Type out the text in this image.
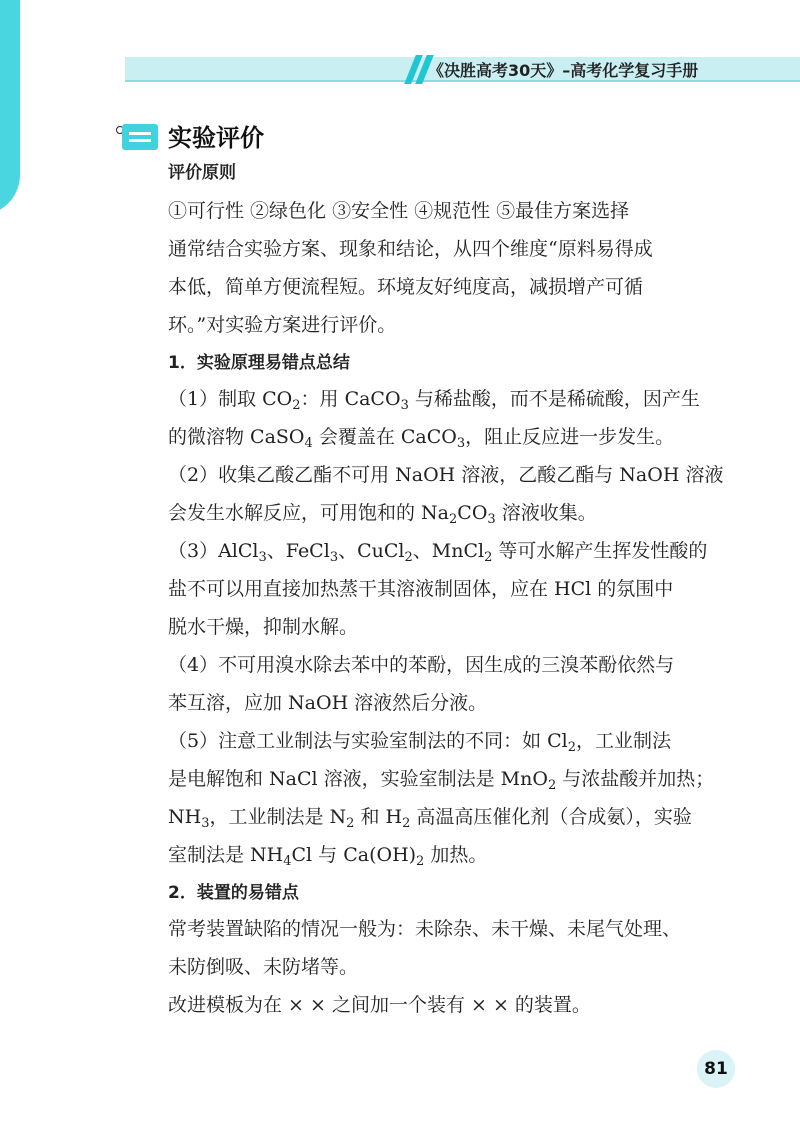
《决胜高考30天》–高考化学复习手册
实验评价
评价原则
①可行性 ②绿色化 ③安全性 ④规范性 ⑤最佳方案选择
通常结合实验方案、现象和结论，从四个维度“原料易得成
本低，简单方便流程短。环境友好纯度高，减损增产可循
环。”对实验方案进行评价。
1．实验原理易错点总结
（1）制取 $CO_2$：用 CaCO$_3$ 与稀盐酸，而不是稀硫酸，因产生
的微溶物 CaSO$_4$ 会覆盖在 CaCO$_3$，阻止反应进一步发生。
（2）收集乙酸乙酯不可用 NaOH 溶液，乙酸乙酯与 NaOH 溶液
会发生水解反应，可用饱和的 $Na_2CO_3$ 溶液收集。
（3）AlCl$_3$、FeCl$_3$、CuCl$_2$、MnCl$_2$ 等可水解产生挥发性酸的
盐不可以用直接加热蒸干其溶液制固体，应在 HCl 的氛围中
脱水干燥，抑制水解。
（4）不可用溴水除去苯中的苯酚，因生成的三溴苯酚依然与
苯互溶，应加 NaOH 溶液然后分液。
（5）注意工业制法与实验室制法的不同：如 $Cl_2$，工业制法
是电解饱和 NaCl 溶液，实验室制法是 MnO$_2$ 与浓盐酸并加热；
$NH_3$，工业制法是 $N_2$ 和 $H_2$ 高温高压催化剂（合成氨），实验
室制法是 $NH_4Cl$ 与 $Ca(OH)_2$ 加热。
2．装置的易错点
常考装置缺陷的情况一般为：未除杂、未干燥、未尾气处理、
未防倒吸、未防堵等。
改进模板为在 × × 之间加一个装有 × × 的装置。
81
